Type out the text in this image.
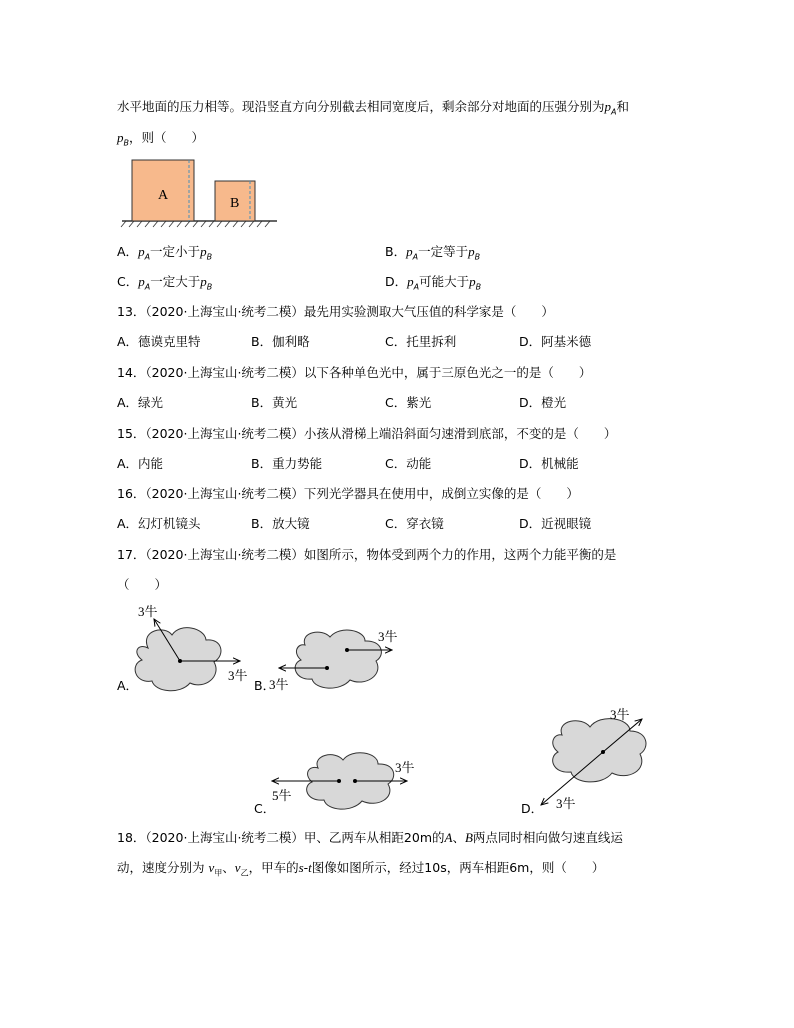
水平地面的压力相等。现沿竖直方向分别截去相同宽度后，剩余部分对地面的压强分别为$p_A$和
$p_B$，则（　　）
A
B
A．$p_A$一定小于$p_B$	B．$p_A$一定等于$p_B$
C．$p_A$一定大于$p_B$	D．$p_A$可能大于$p_B$
13．（2020·上海宝山·统考二模）最先用实验测取大气压值的科学家是（　　）
A．德谟克里特	B．伽利略	C．托里拆利	D．阿基米德
14．（2020·上海宝山·统考二模）以下各种单色光中，属于三原色光之一的是（　　）
A．绿光	B．黄光	C．紫光	D．橙光
15．（2020·上海宝山·统考二模）小孩从滑梯上端沿斜面匀速滑到底部，不变的是（　　）
A．内能	B．重力势能	C．动能	D．机械能
16．（2020·上海宝山·统考二模）下列光学器具在使用中，成倒立实像的是（　　）
A．幻灯机镜头	B．放大镜	C．穿衣镜	D．近视眼镜
17．（2020·上海宝山·统考二模）如图所示，物体受到两个力的作用，这两个力能平衡的是
（　　）
3牛
3牛
3牛
3牛
5牛
3牛
3牛
3牛
A．	B．
C．	D．
18．（2020·上海宝山·统考二模）甲、乙两车从相距20m的A、B两点同时相向做匀速直线运
动，速度分别为 $v_甲$、$v_乙$，甲车的s-t图像如图所示，经过10s，两车相距6m，则（　　）
